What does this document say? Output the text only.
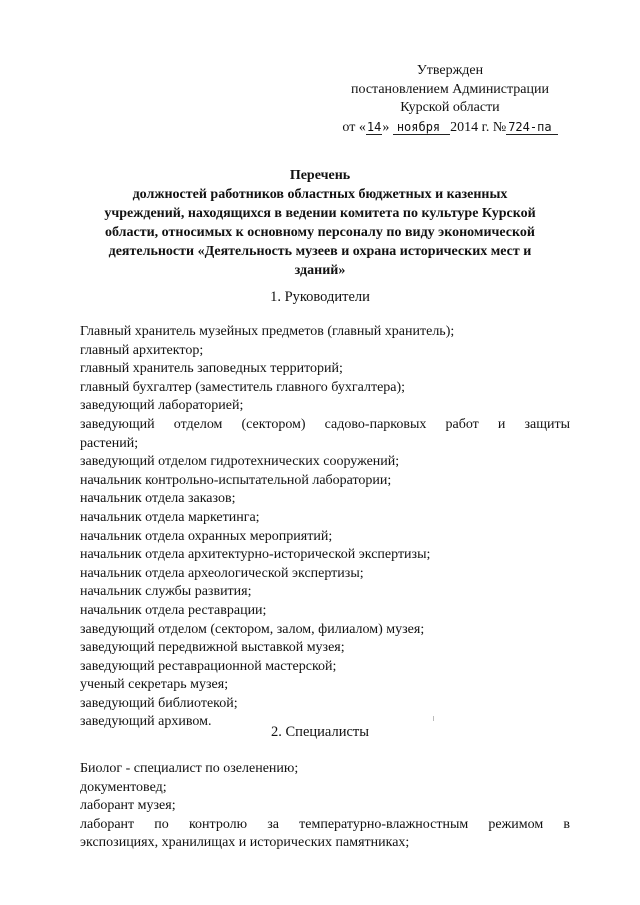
Утвержден
постановлением Администрации
Курской области
от «14» ноября 2014 г. № 724-па
Перечень
должностей работников областных бюджетных и казенных
учреждений, находящихся в ведении комитета по культуре Курской
области, относимых к основному персоналу по виду экономической
деятельности «Деятельность музеев и охрана исторических мест и
зданий»
1. Руководители
Главный хранитель музейных предметов (главный хранитель);
главный архитектор;
главный хранитель заповедных территорий;
главный бухгалтер (заместитель главного бухгалтера);
заведующий лабораторией;
заведующий отделом (сектором) садово-парковых работ и защиты
растений;
заведующий отделом гидротехнических сооружений;
начальник контрольно-испытательной лаборатории;
начальник отдела заказов;
начальник отдела маркетинга;
начальник отдела охранных мероприятий;
начальник отдела архитектурно-исторической экспертизы;
начальник отдела археологической экспертизы;
начальник службы развития;
начальник отдела реставрации;
заведующий отделом (сектором, залом, филиалом) музея;
заведующий передвижной выставкой музея;
заведующий реставрационной мастерской;
ученый секретарь музея;
заведующий библиотекой;
заведующий архивом.
2. Специалисты
Биолог - специалист по озеленению;
документовед;
лаборант музея;
лаборант по контролю за температурно-влажностным режимом в
экспозициях, хранилищах и исторических памятниках;
